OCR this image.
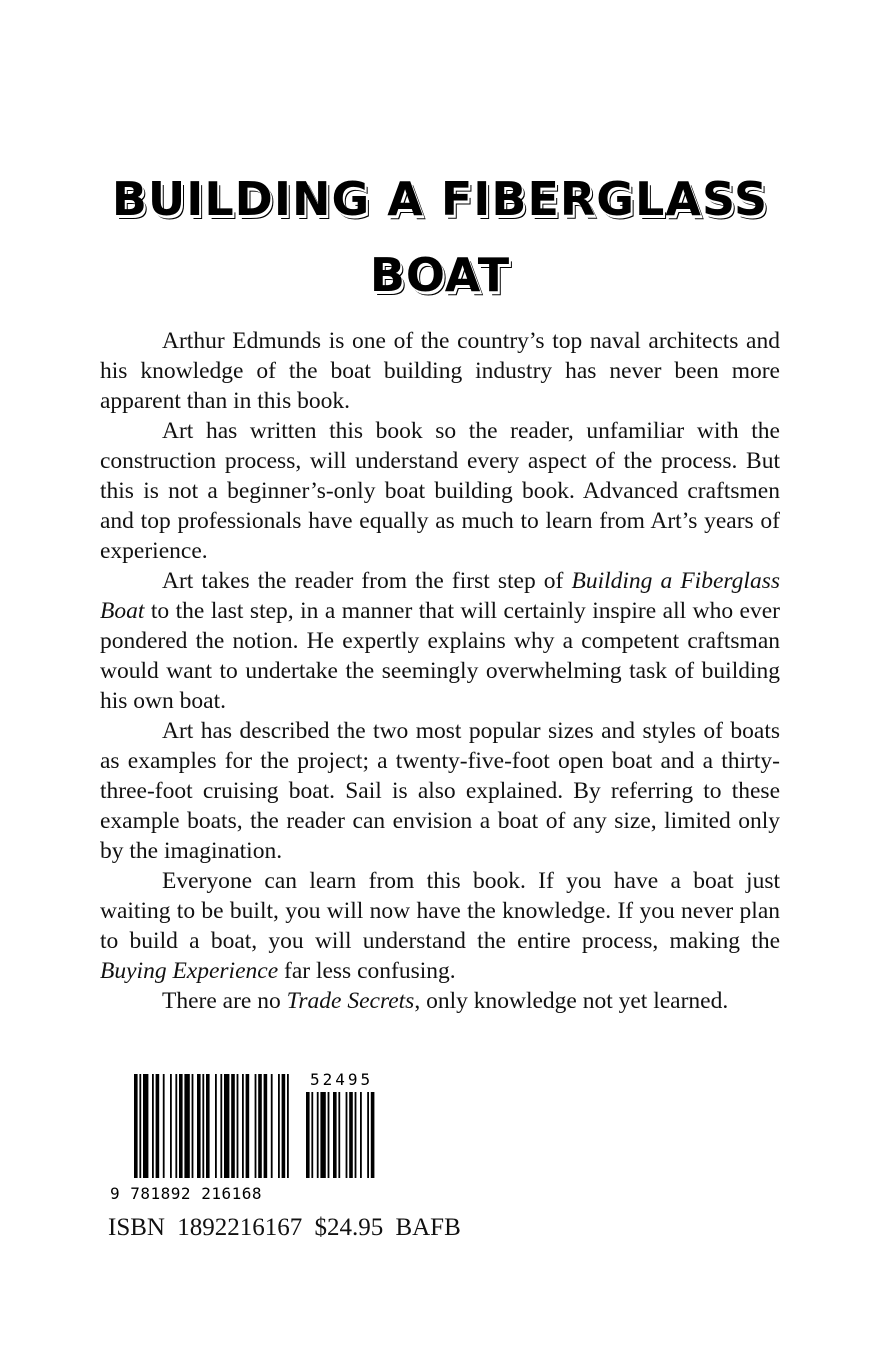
BUILDING A FIBERGLASS
BOAT

Arthur Edmunds is one of the country’s top naval architects and his knowledge of the boat building industry has never been more apparent than in this book.

Art has written this book so the reader, unfamiliar with the construction process, will understand every aspect of the process. But this is not a beginner’s-only boat building book. Advanced craftsmen and top professionals have equally as much to learn from Art’s years of experience.

Art takes the reader from the first step of Building a Fiberglass Boat to the last step, in a manner that will certainly inspire all who ever pondered the notion. He expertly explains why a competent craftsman would want to undertake the seemingly overwhelming task of building his own boat.

Art has described the two most popular sizes and styles of boats as examples for the project; a twenty-five-foot open boat and a thirty-three-foot cruising boat. Sail is also explained. By referring to these example boats, the reader can envision a boat of any size, limited only by the imagination.

Everyone can learn from this book. If you have a boat just waiting to be built, you will now have the knowledge. If you never plan to build a boat, you will understand the entire process, making the Buying Experience far less confusing.

There are no Trade Secrets, only knowledge not yet learned.

9 781892 216168
52495
ISBN 1892216167 $24.95 BAFB
